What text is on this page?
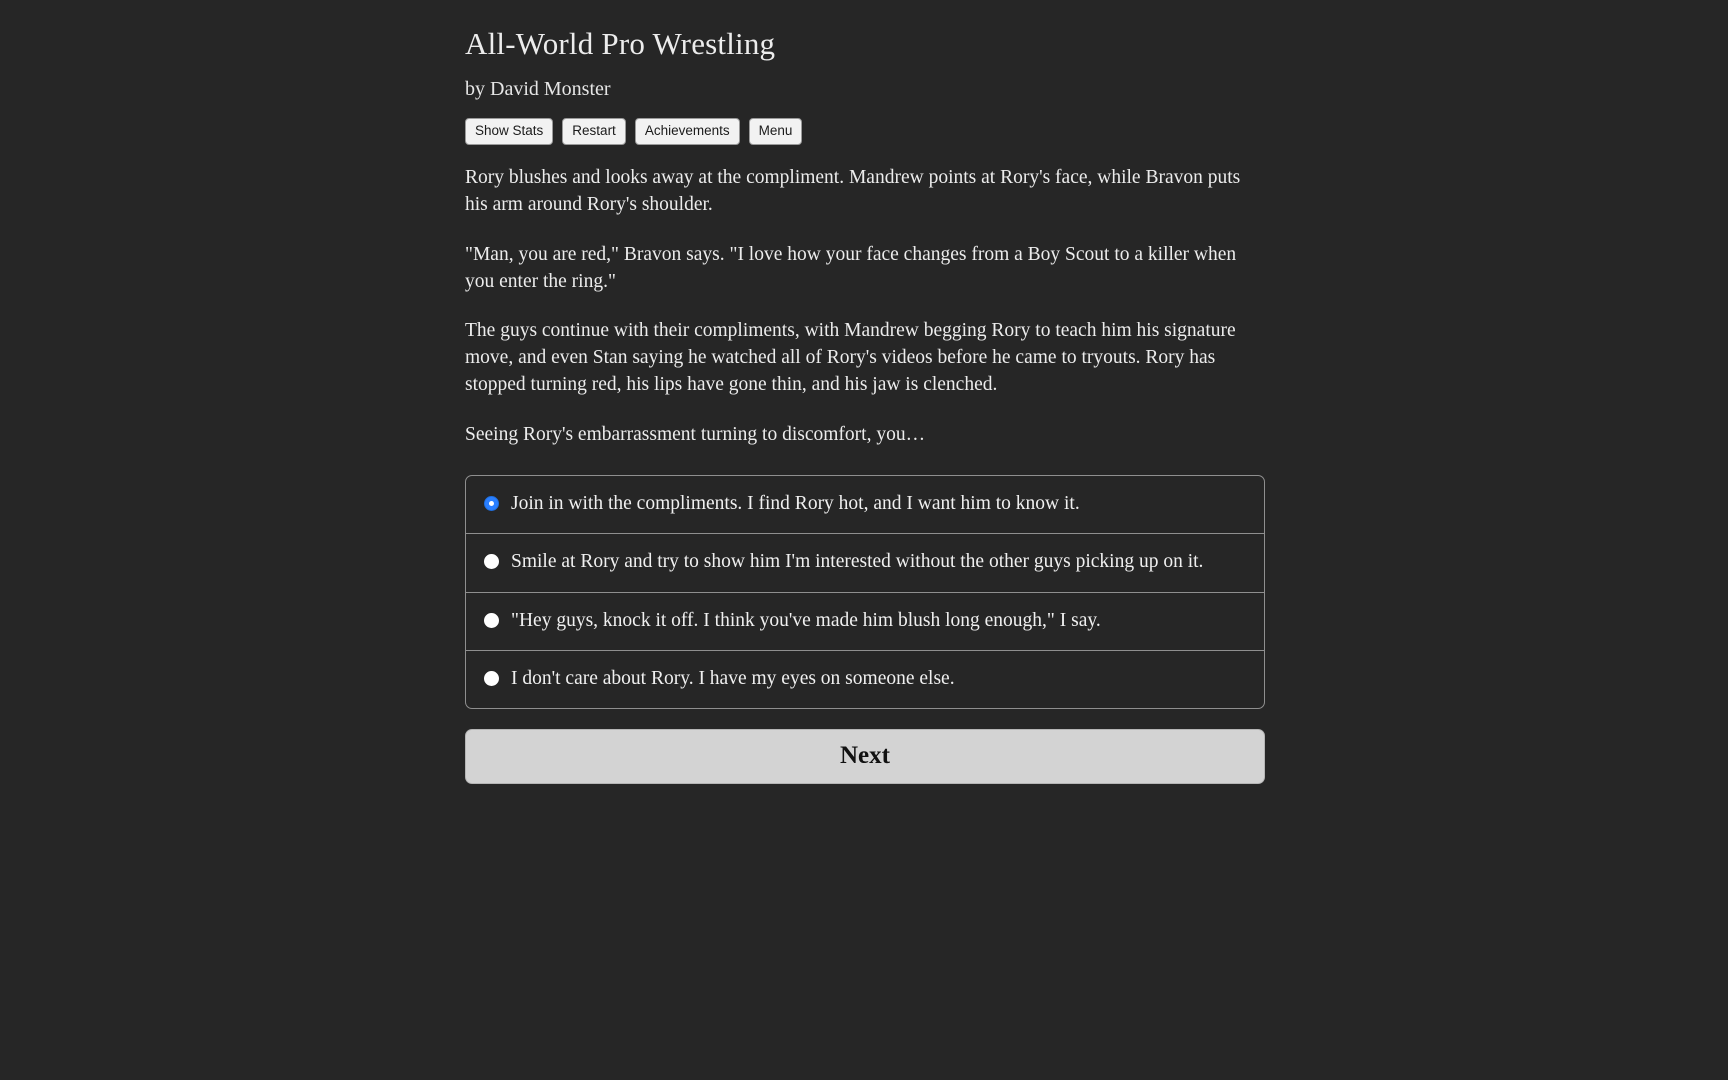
All-World Pro Wrestling
by David Monster
Show Stats	Restart	Achievements	Menu

Rory blushes and looks away at the compliment. Mandrew points at Rory's face, while Bravon puts his arm around Rory's shoulder.

"Man, you are red," Bravon says. "I love how your face changes from a Boy Scout to a killer when you enter the ring."

The guys continue with their compliments, with Mandrew begging Rory to teach him his signature move, and even Stan saying he watched all of Rory's videos before he came to tryouts. Rory has stopped turning red, his lips have gone thin, and his jaw is clenched.

Seeing Rory's embarrassment turning to discomfort, you…

Join in with the compliments. I find Rory hot, and I want him to know it.
Smile at Rory and try to show him I'm interested without the other guys picking up on it.
"Hey guys, knock it off. I think you've made him blush long enough," I say.
I don't care about Rory. I have my eyes on someone else.
Next
